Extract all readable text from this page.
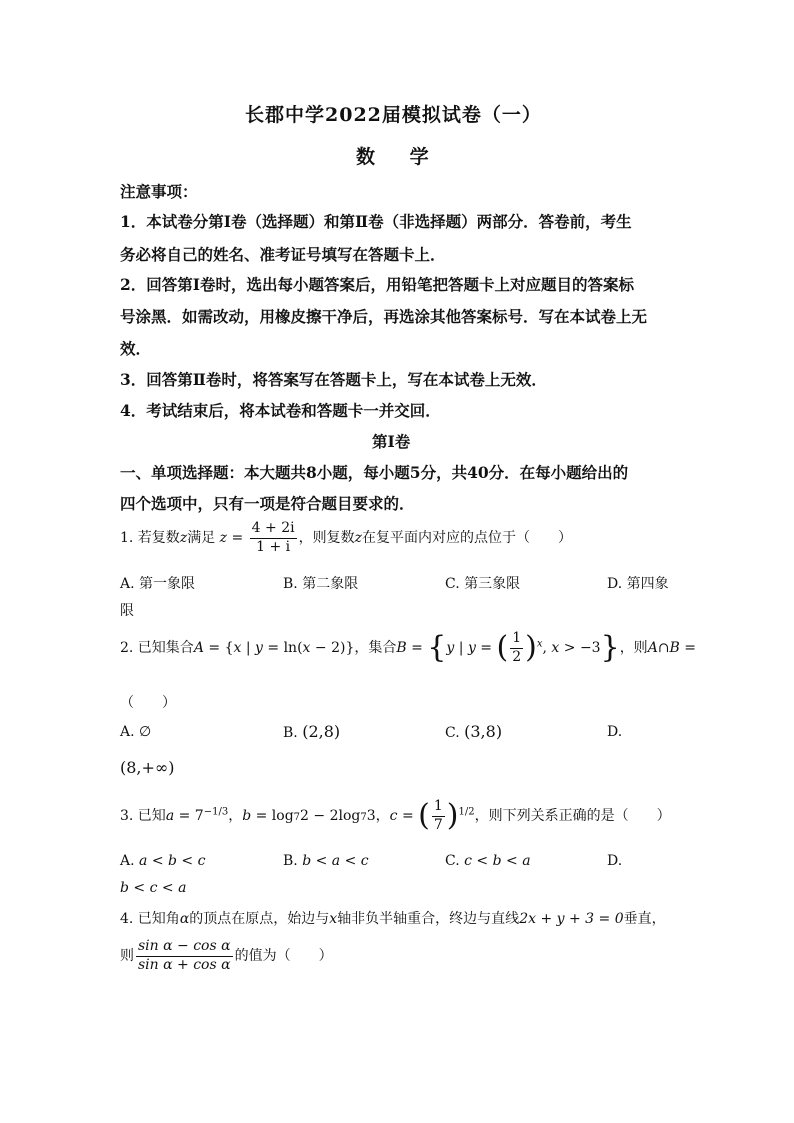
长郡中学2022届模拟试卷（一）
数 学
注意事项：
1．本试卷分第Ⅰ卷（选择题）和第Ⅱ卷（非选择题）两部分．答卷前，考生
务必将自己的姓名、准考证号填写在答题卡上．
2．回答第Ⅰ卷时，选出每小题答案后，用铅笔把答题卡上对应题目的答案标
号涂黑．如需改动，用橡皮擦干净后，再选涂其他答案标号．写在本试卷上无
效．
3．回答第Ⅱ卷时，将答案写在答题卡上，写在本试卷上无效．
4．考试结束后，将本试卷和答题卡一并交回．
第Ⅰ卷
一、单项选择题：本大题共8小题，每小题5分，共40分．在每小题给出的
四个选项中，只有一项是符合题目要求的．
1. 若复数z满足 $z = \frac{4 + 2i}{1 + i}$ ，则复数z在复平面内对应的点位于（　　）
A. 第一象限	B. 第二象限	C. 第三象限	D. 第四象
限
2. 已知集合A = {x | y = ln(x − 2)}，集合B = {y | y = ( $\frac{1}{2} )^x$, x > −3}，则A∩B =
（　　）
A. ∅	B. (2,8)	C. (3,8)	D.
(8,+∞)
3. 已知$a = 7^{-1/3}$，b = log72 − 2log73，c = ( $\frac{1}{7} )^{1/2}$，则下列关系正确的是（　　）
A. a < b < c	B. b < a < c	C. c < b < a	D.
b < c < a
4. 已知角α的顶点在原点，始边与x轴非负半轴重合，终边与直线2x + y + 3 = 0垂直，
则 $\frac{\text{sin α − cos α}}{\text{sin α + cos α}}$ 的值为（　　）
